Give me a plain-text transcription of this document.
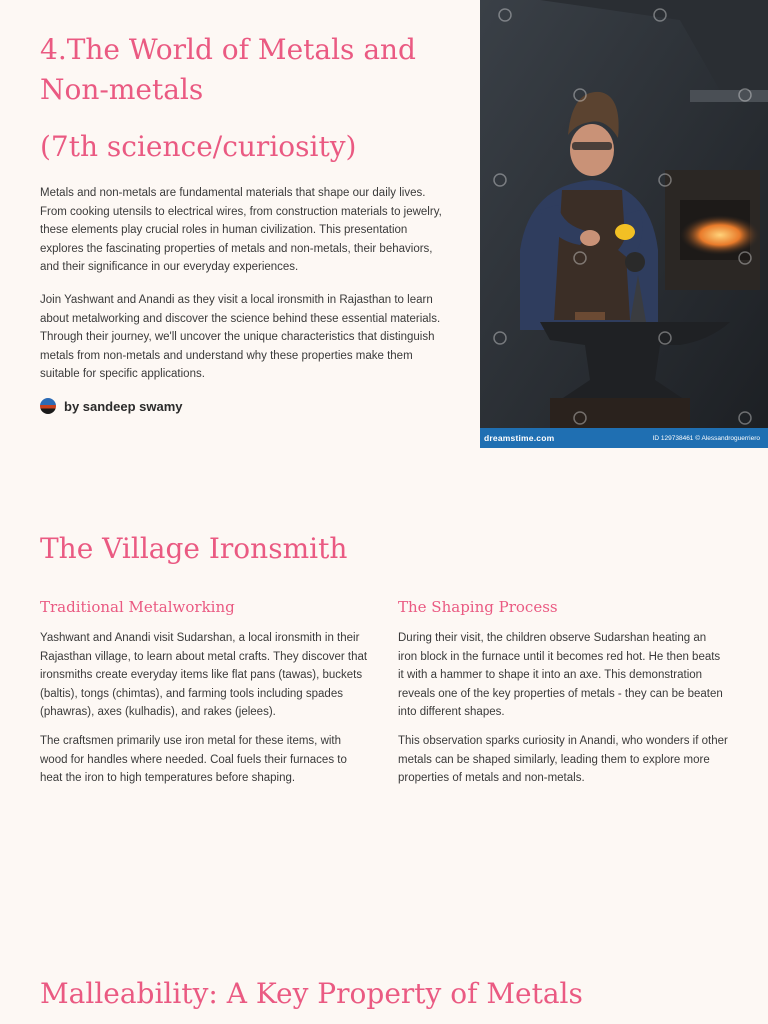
4.The World of Metals and Non-metals
(7th science/curiosity)

Metals and non-metals are fundamental materials that shape our daily lives. From cooking utensils to electrical wires, from construction materials to jewelry, these elements play crucial roles in human civilization. This presentation explores the fascinating properties of metals and non-metals, their behaviors, and their significance in our everyday experiences.

Join Yashwant and Anandi as they visit a local ironsmith in Rajasthan to learn about metalworking and discover the science behind these essential materials. Through their journey, we'll uncover the unique characteristics that distinguish metals from non-metals and understand why these properties make them suitable for specific applications.

by sandeep swamy
dreamstime.com	ID 129738461 © Alessandroguerriero
The Village Ironsmith
Traditional Metalworking	The Shaping Process

Yashwant and Anandi visit Sudarshan, a local ironsmith in their Rajasthan village, to learn about metal crafts. They discover that ironsmiths create everyday items like flat pans (tawas), buckets (baltis), tongs (chimtas), and farming tools including spades (phawras), axes (kulhadis), and rakes (jelees).

The craftsmen primarily use iron metal for these items, with wood for handles where needed. Coal fuels their furnaces to heat the iron to high temperatures before shaping.

During their visit, the children observe Sudarshan heating an iron block in the furnace until it becomes red hot. He then beats it with a hammer to shape it into an axe. This demonstration reveals one of the key properties of metals - they can be beaten into different shapes.

This observation sparks curiosity in Anandi, who wonders if other metals can be shaped similarly, leading them to explore more properties of metals and non-metals.

Malleability: A Key Property of Metals
